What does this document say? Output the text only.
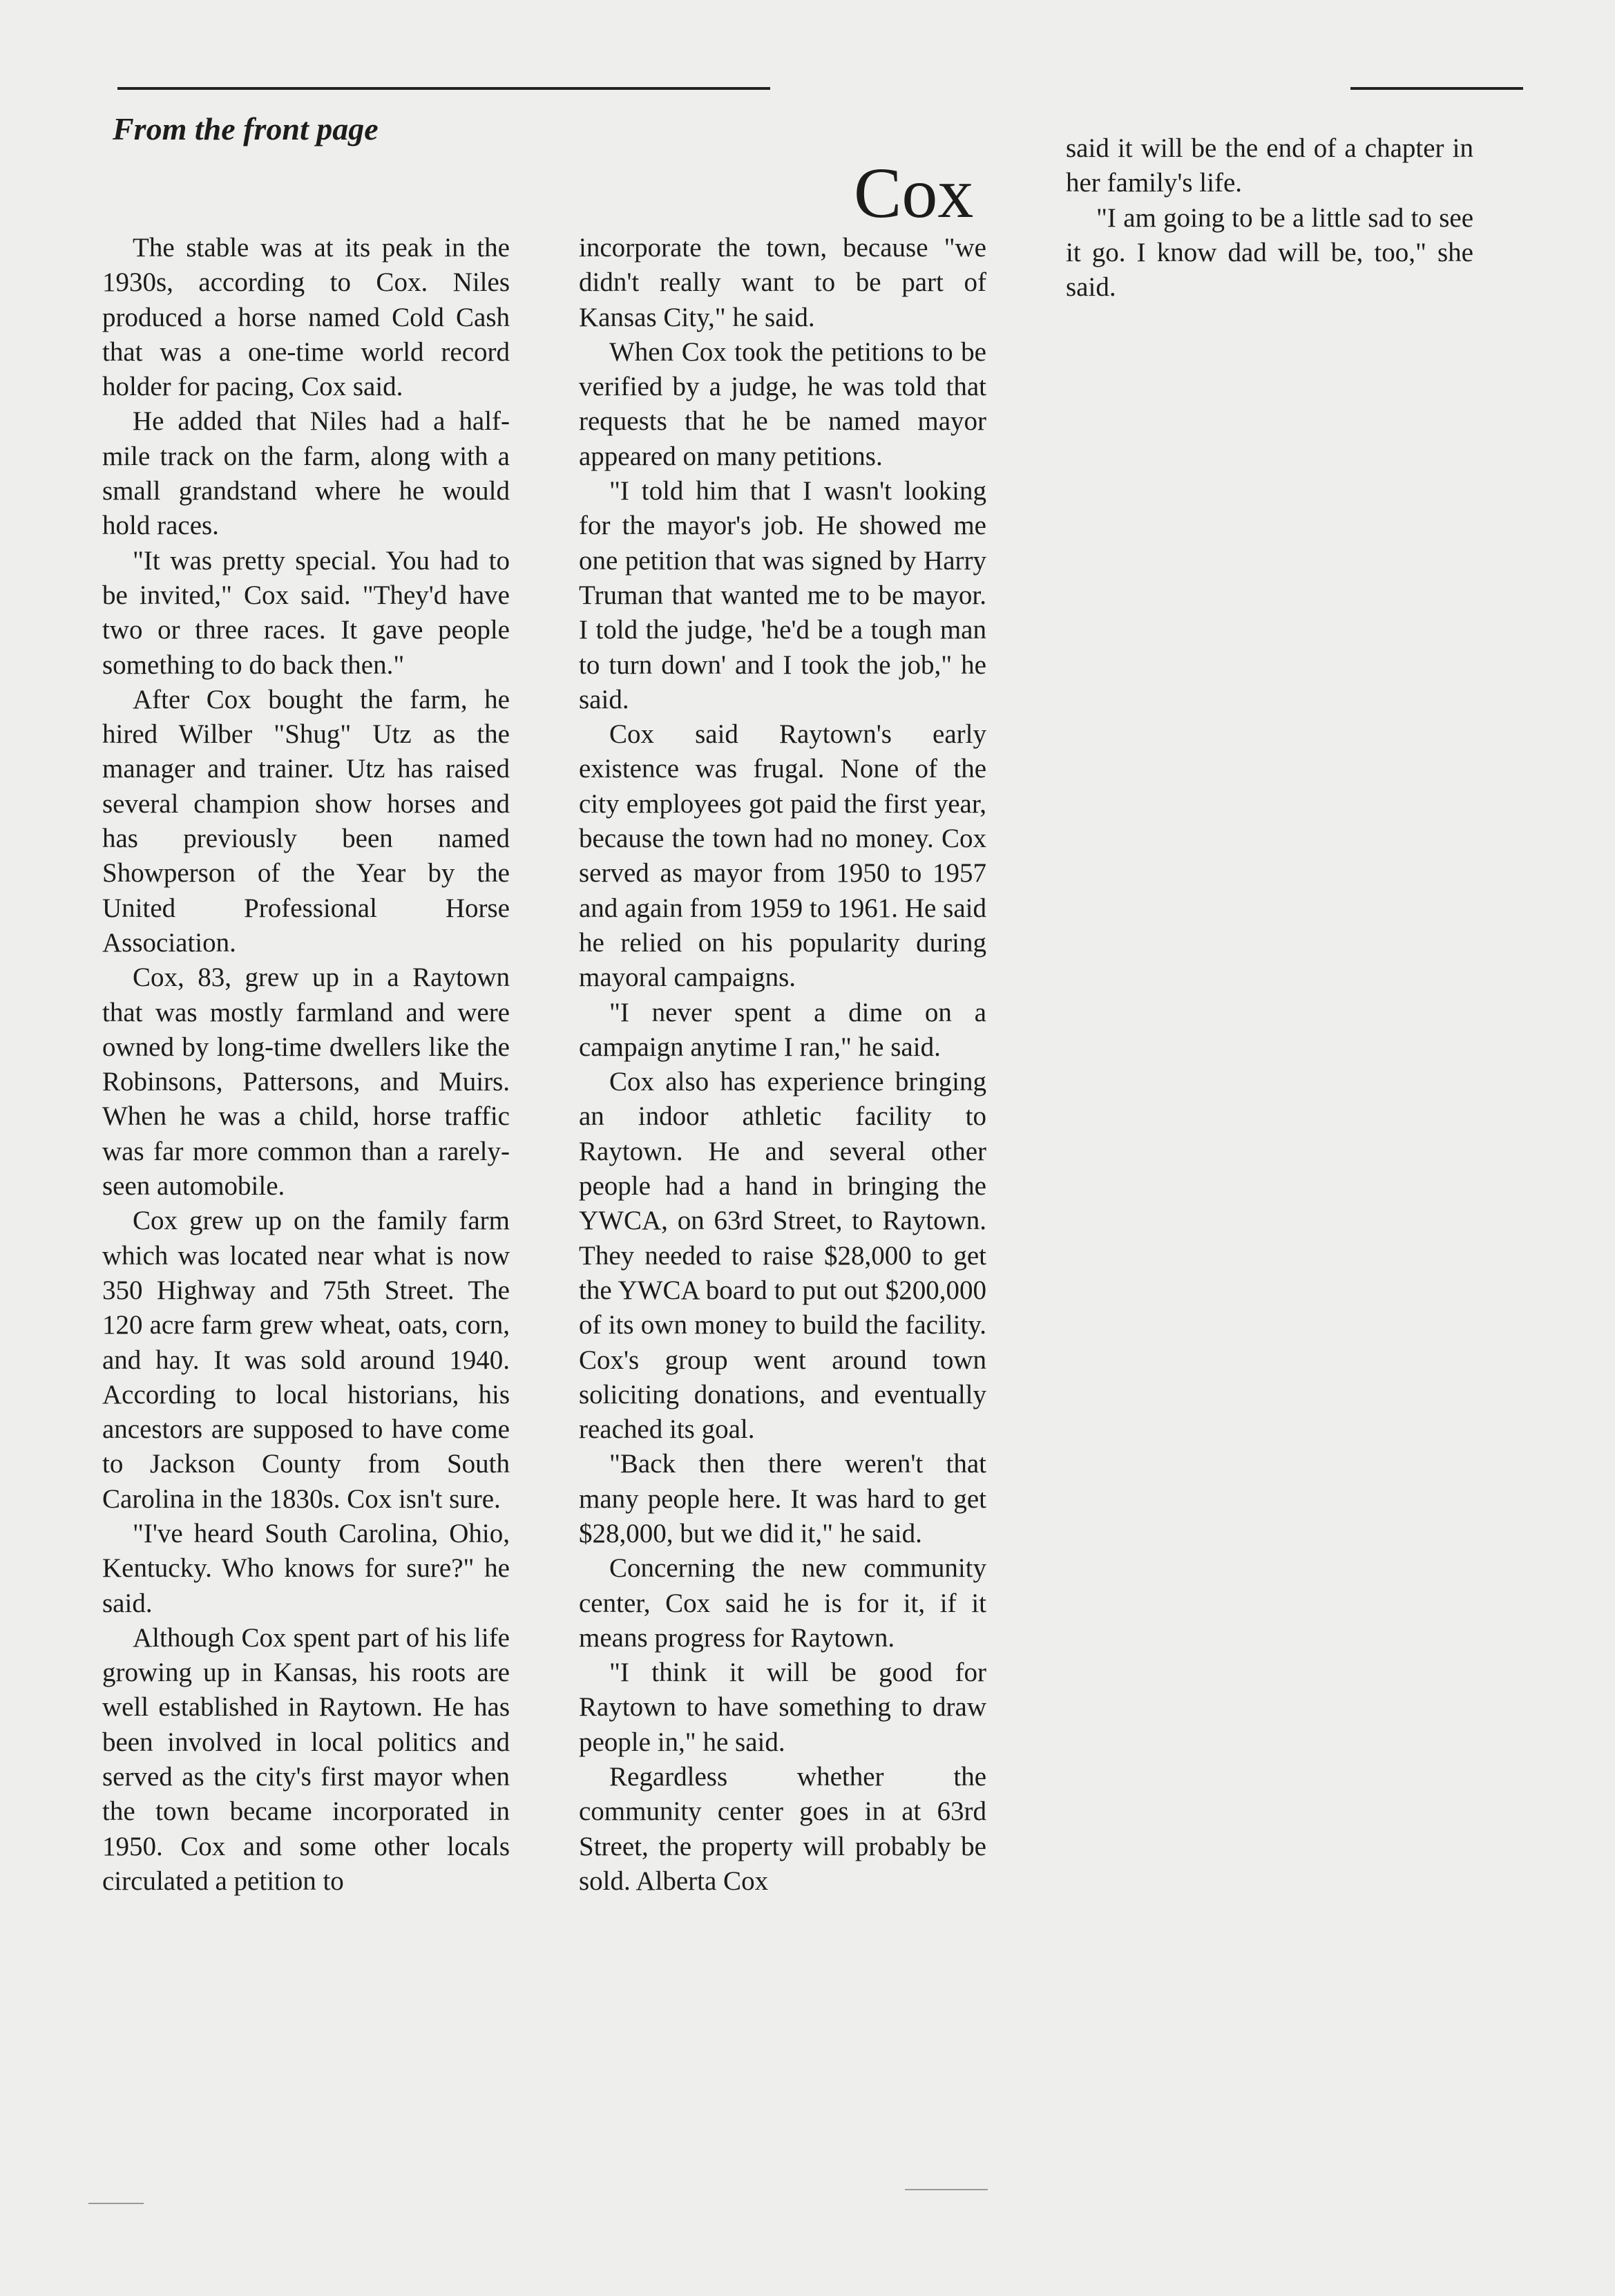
From the front page
Cox

The stable was at its peak in the 1930s, according to Cox. Niles produced a horse named Cold Cash that was a one-time world record holder for pacing, Cox said.

He added that Niles had a half-mile track on the farm, along with a small grandstand where he would hold races.

"It was pretty special. You had to be invited," Cox said. "They'd have two or three races. It gave people something to do back then."

After Cox bought the farm, he hired Wilber "Shug" Utz as the manager and trainer. Utz has raised several champion show horses and has previously been named Showperson of the Year by the United Professional Horse Association.

Cox, 83, grew up in a Raytown that was mostly farmland and were owned by long-time dwellers like the Robinsons, Pattersons, and Muirs. When he was a child, horse traffic was far more common than a rarely-seen automobile.

Cox grew up on the family farm which was located near what is now 350 Highway and 75th Street. The 120 acre farm grew wheat, oats, corn, and hay. It was sold around 1940. According to local historians, his ancestors are supposed to have come to Jackson County from South Carolina in the 1830s. Cox isn't sure.

"I've heard South Carolina, Ohio, Kentucky. Who knows for sure?" he said.

Although Cox spent part of his life growing up in Kansas, his roots are well established in Raytown. He has been involved in local politics and served as the city's first mayor when the town became incorporated in 1950. Cox and some other locals circulated a petition to

incorporate the town, because "we didn't really want to be part of Kansas City," he said.

When Cox took the petitions to be verified by a judge, he was told that requests that he be named mayor appeared on many petitions.

"I told him that I wasn't looking for the mayor's job. He showed me one petition that was signed by Harry Truman that wanted me to be mayor. I told the judge, 'he'd be a tough man to turn down' and I took the job," he said.

Cox said Raytown's early existence was frugal. None of the city employees got paid the first year, because the town had no money. Cox served as mayor from 1950 to 1957 and again from 1959 to 1961. He said he relied on his popularity during mayoral campaigns.

"I never spent a dime on a campaign anytime I ran," he said.

Cox also has experience bringing an indoor athletic facility to Raytown. He and several other people had a hand in bringing the YWCA, on 63rd Street, to Raytown. They needed to raise $28,000 to get the YWCA board to put out $200,000 of its own money to build the facility. Cox's group went around town soliciting donations, and eventually reached its goal.

"Back then there weren't that many people here. It was hard to get $28,000, but we did it," he said.

Concerning the new community center, Cox said he is for it, if it means progress for Raytown.

"I think it will be good for Raytown to have something to draw people in," he said.

Regardless whether the community center goes in at 63rd Street, the property will probably be sold. Alberta Cox

said it will be the end of a chapter in her family's life.

"I am going to be a little sad to see it go. I know dad will be, too," she said.
